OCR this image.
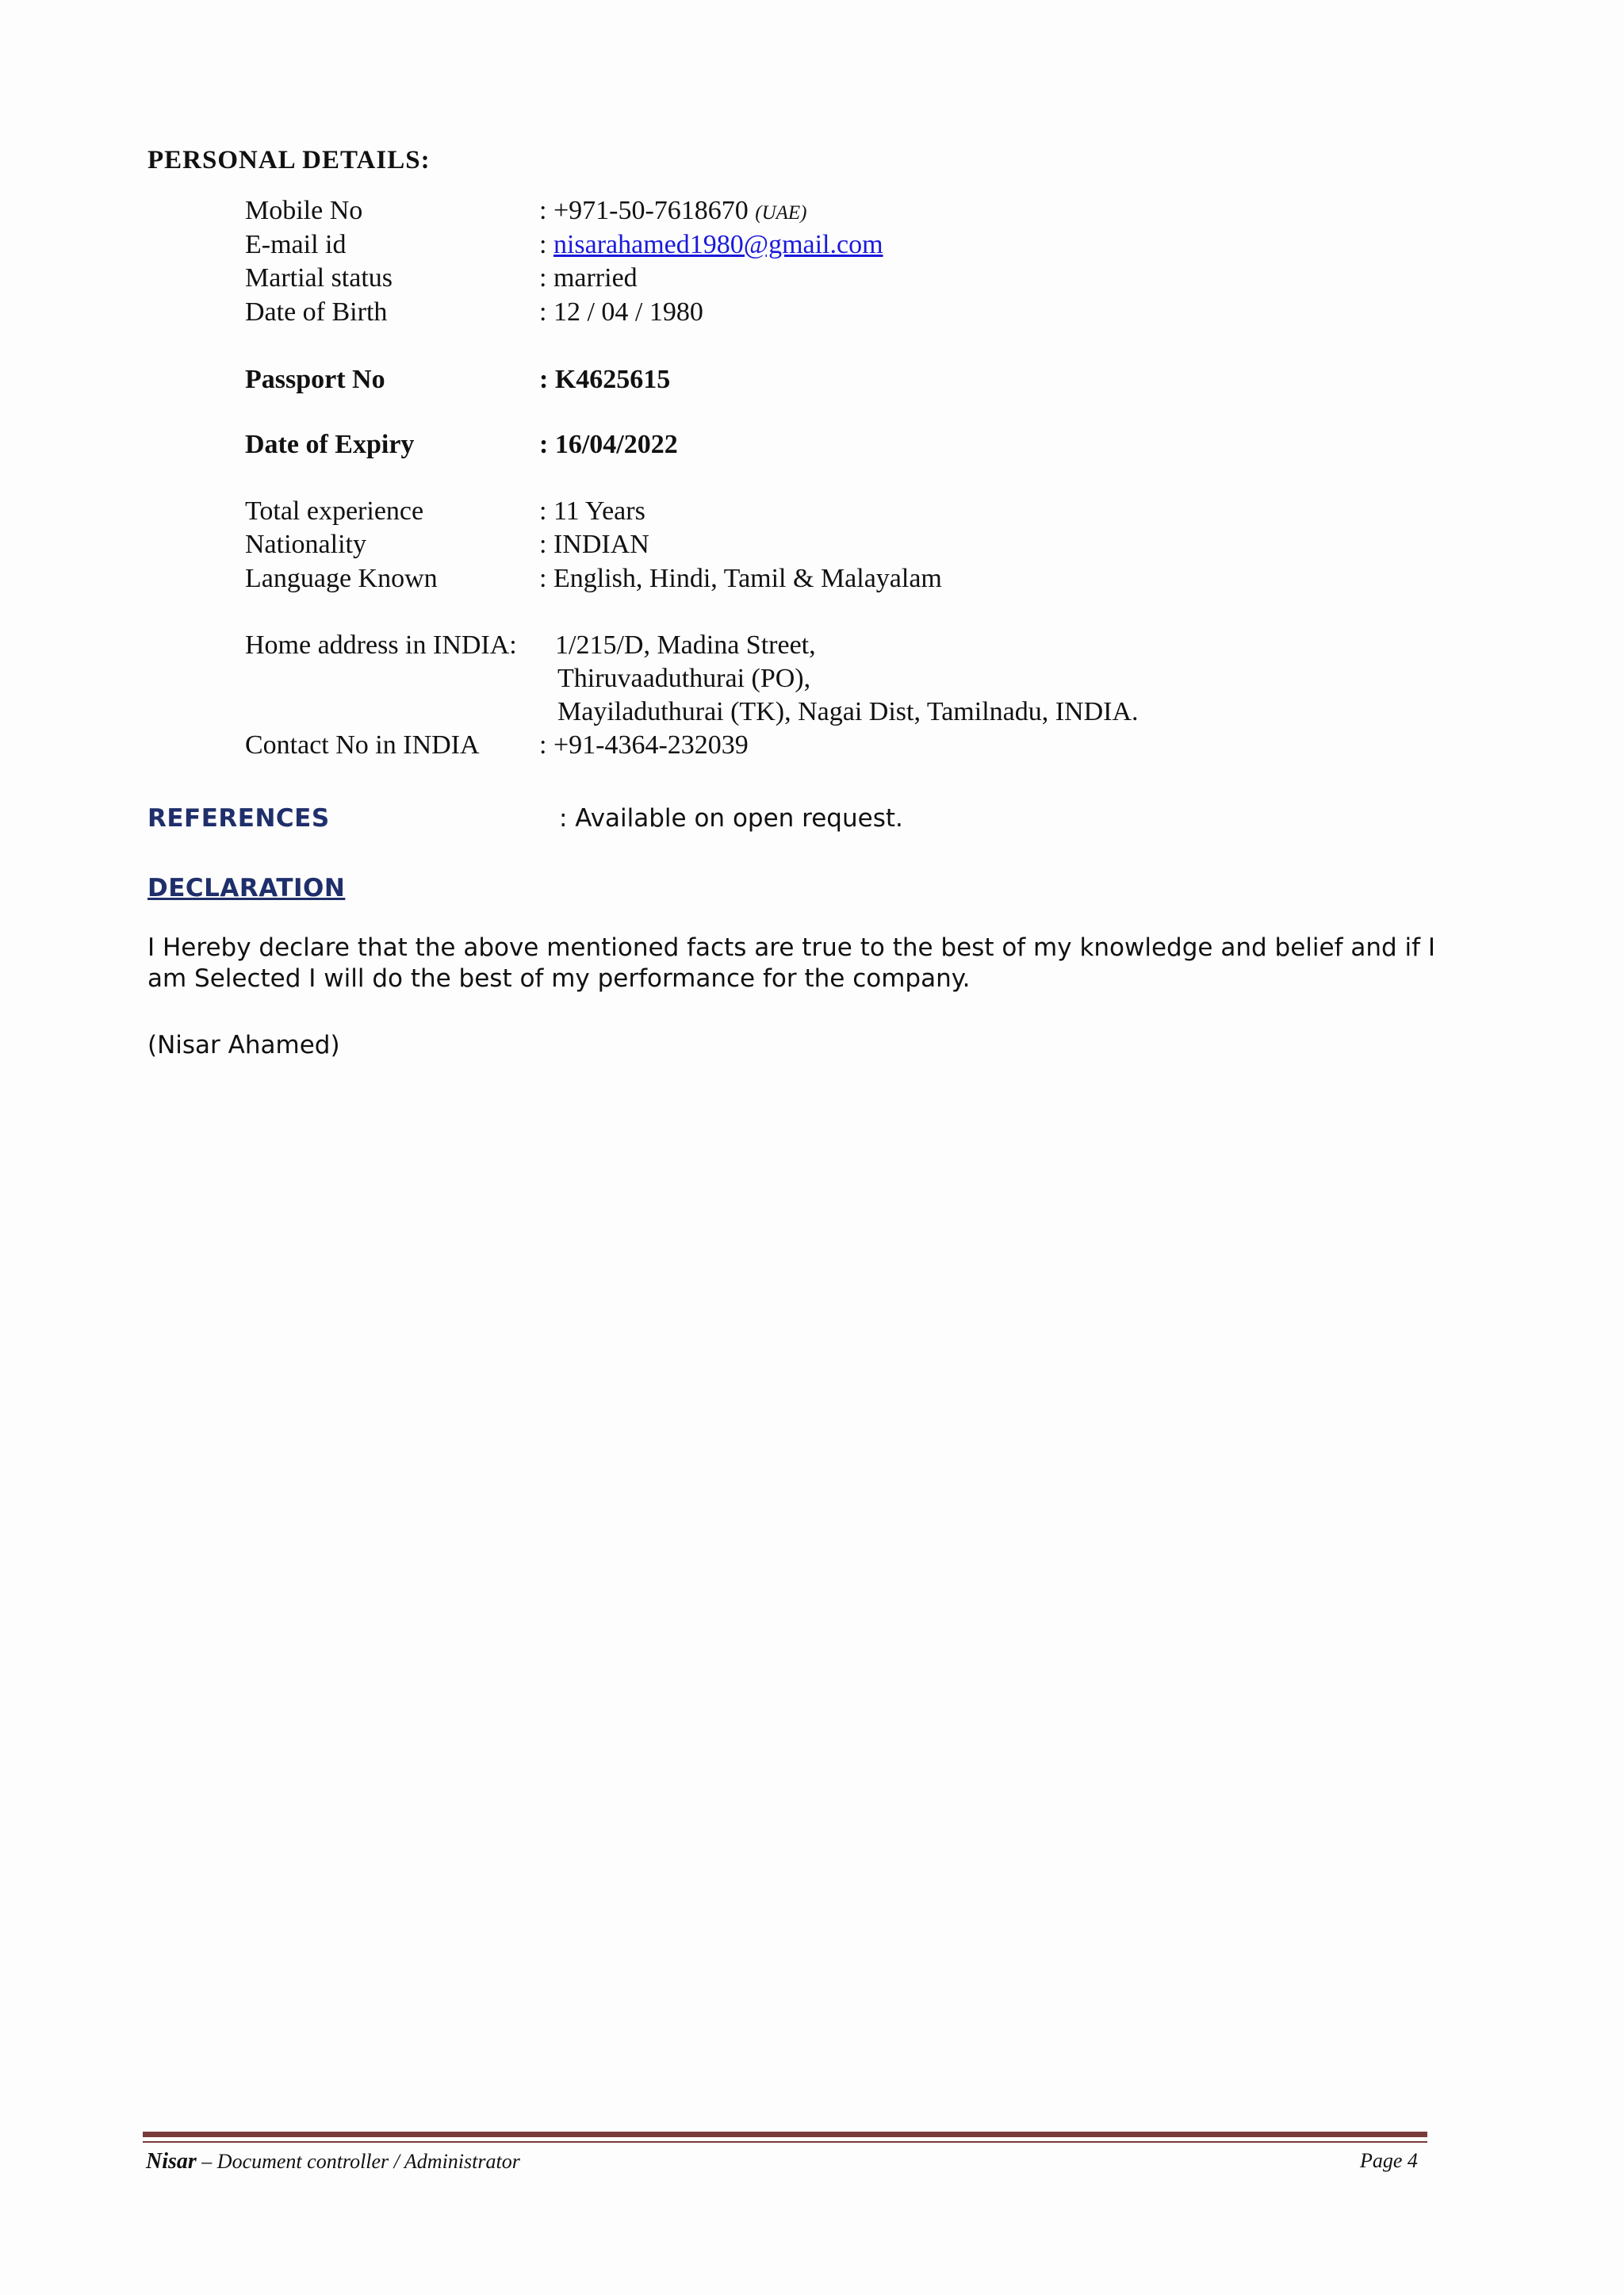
PERSONAL DETAILS:
Mobile No	: +971-50-7618670 (UAE)
E-mail id	: nisarahamed1980@gmail.com
Martial status	: married
Date of Birth	: 12 / 04 / 1980
Passport No	: K4625615
Date of Expiry	: 16/04/2022
Total experience	: 11 Years
Nationality	: INDIAN
Language Known	: English, Hindi, Tamil & Malayalam
Home address in INDIA: 1/215/D, Madina Street,
Thiruvaaduthurai (PO),
Mayiladuthurai (TK), Nagai Dist, Tamilnadu, INDIA.
Contact No in INDIA : +91-4364-232039
REFERENCES	: Available on open request.
DECLARATION
I Hereby declare that the above mentioned facts are true to the best of my knowledge and belief and if I am Selected I will do the best of my performance for the company.
(Nisar Ahamed)
Nisar – Document controller / Administrator	Page 4
